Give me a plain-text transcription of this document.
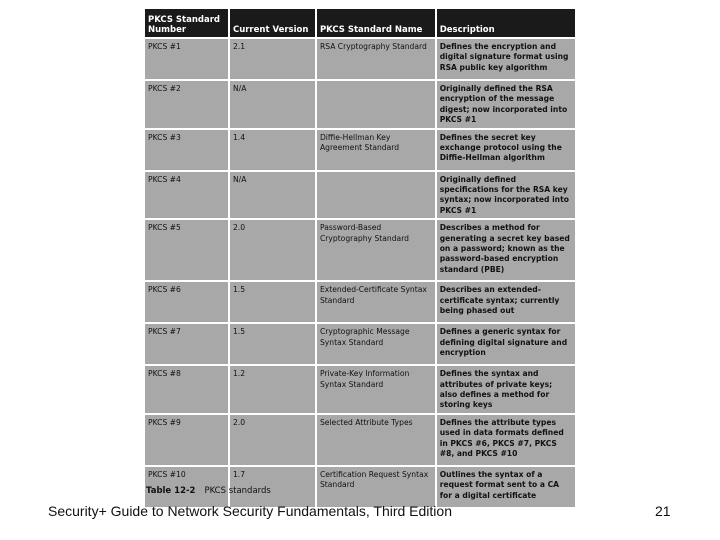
PKCS Standard Number	Current Version	PKCS Standard Name	Description
PKCS #1	2.1	RSA Cryptography Standard	Defines the encryption and digital signature format using RSA public key algorithm
PKCS #2	N/A		Originally defined the RSA encryption of the message digest; now incorporated into PKCS #1
PKCS #3	1.4	Diffie-Hellman Key Agreement Standard	Defines the secret key exchange protocol using the Diffie-Hellman algorithm
PKCS #4	N/A		Originally defined specifications for the RSA key syntax; now incorporated into PKCS #1
PKCS #5	2.0	Password-Based Cryptography Standard	Describes a method for generating a secret key based on a password; known as the password-based encryption standard (PBE)
PKCS #6	1.5	Extended-Certificate Syntax Standard	Describes an extended-certificate syntax; currently being phased out
PKCS #7	1.5	Cryptographic Message Syntax Standard	Defines a generic syntax for defining digital signature and encryption
PKCS #8	1.2	Private-Key Information Syntax Standard	Defines the syntax and attributes of private keys; also defines a method for storing keys
PKCS #9	2.0	Selected Attribute Types	Defines the attribute types used in data formats defined in PKCS #6, PKCS #7, PKCS #8, and PKCS #10
PKCS #10	1.7	Certification Request Syntax Standard	Outlines the syntax of a request format sent to a CA for a digital certificate
Table 12-2 PKCS standards
Security+ Guide to Network Security Fundamentals, Third Edition	21
